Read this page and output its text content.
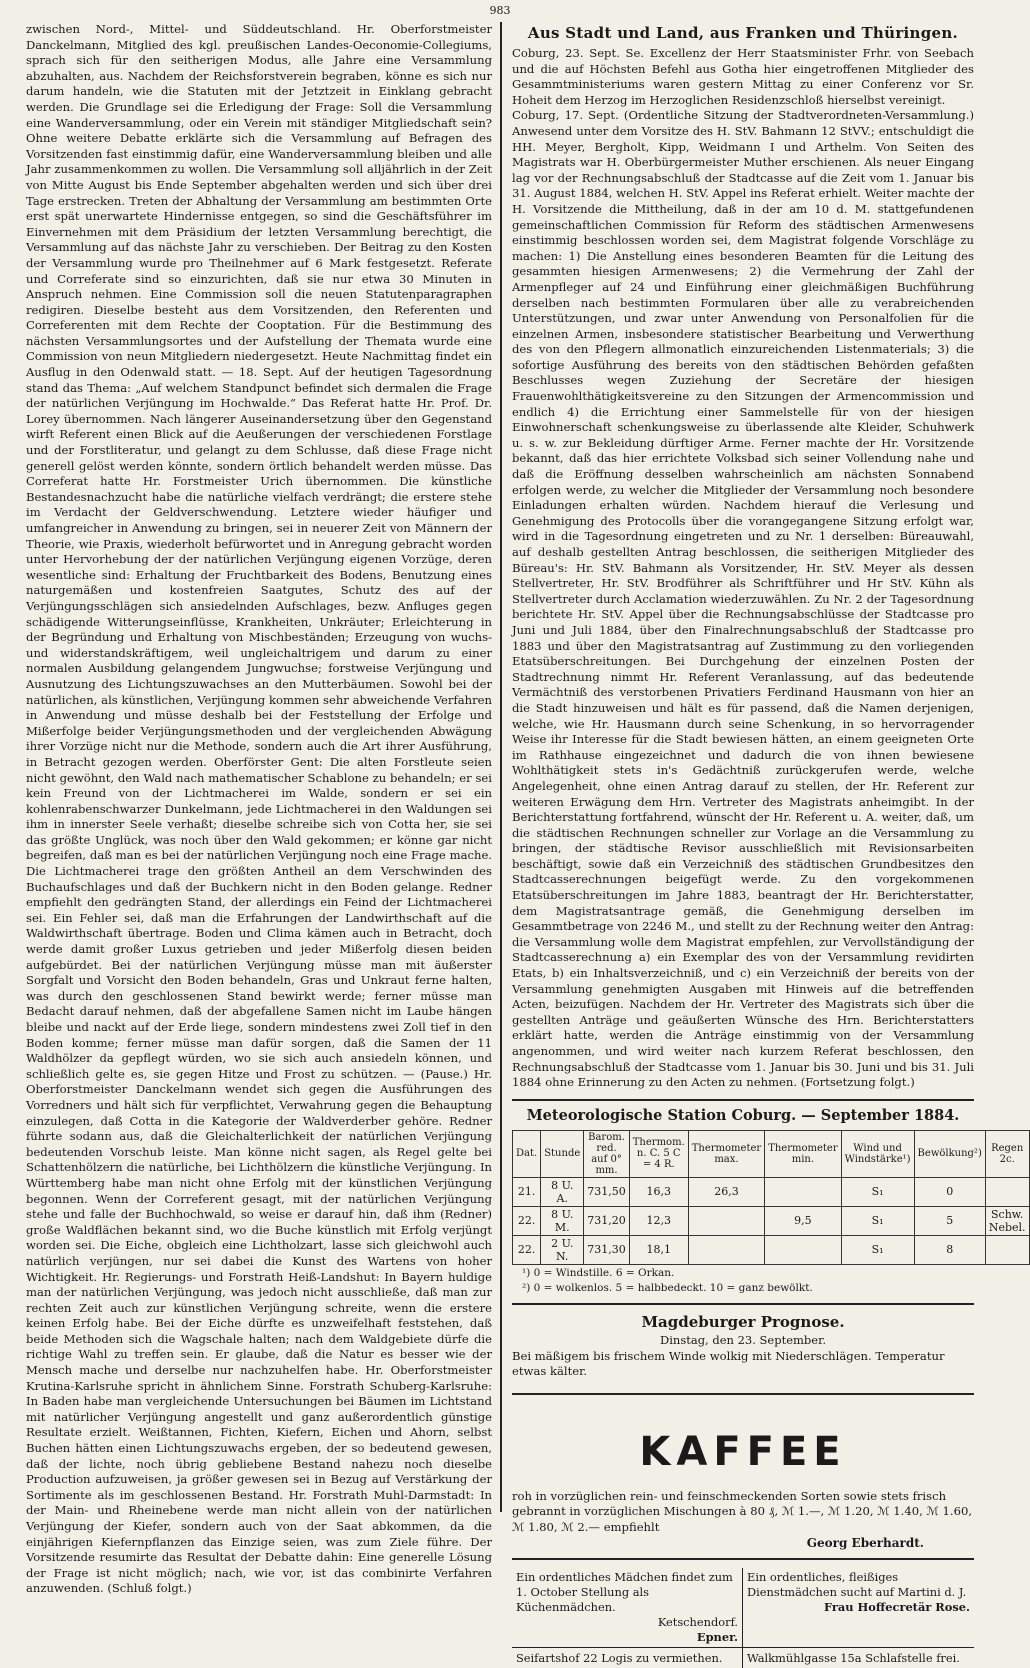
983

zwischen Nord-, Mittel- und Süddeutschland. Hr. Oberforstmeister Danckelmann, Mitglied des kgl. preußischen Landes-Oeconomie-Collegiums, sprach sich für den seitherigen Modus, alle Jahre eine Versammlung abzuhalten, aus. Nachdem der Reichsforstverein begraben, könne es sich nur darum handeln, wie die Statuten mit der Jetztzeit in Einklang gebracht werden. Die Grundlage sei die Erledigung der Frage: Soll die Versammlung eine Wanderversammlung, oder ein Verein mit ständiger Mitgliedschaft sein? Ohne weitere Debatte erklärte sich die Versammlung auf Befragen des Vorsitzenden fast einstimmig dafür, eine Wanderversammlung bleiben und alle Jahr zusammenkommen zu wollen. Die Versammlung soll alljährlich in der Zeit von Mitte August bis Ende September abgehalten werden und sich über drei Tage erstrecken. Treten der Abhaltung der Versammlung am bestimmten Orte erst spät unerwartete Hindernisse entgegen, so sind die Geschäftsführer im Einvernehmen mit dem Präsidium der letzten Versammlung berechtigt, die Versammlung auf das nächste Jahr zu verschieben. Der Beitrag zu den Kosten der Versammlung wurde pro Theilnehmer auf 6 Mark festgesetzt. Referate und Correferate sind so einzurichten, daß sie nur etwa 30 Minuten in Anspruch nehmen. Eine Commission soll die neuen Statutenparagraphen redigiren. Dieselbe besteht aus dem Vorsitzenden, den Referenten und Correferenten mit dem Rechte der Cooptation. Für die Bestimmung des nächsten Versammlungsortes und der Aufstellung der Themata wurde eine Commission von neun Mitgliedern niedergesetzt. Heute Nachmittag findet ein Ausflug in den Odenwald statt. — 18. Sept. Auf der heutigen Tagesordnung stand das Thema: „Auf welchem Standpunct befindet sich dermalen die Frage der natürlichen Verjüngung im Hochwalde.“ Das Referat hatte Hr. Prof. Dr. Lorey übernommen. Nach längerer Auseinandersetzung über den Gegenstand wirft Referent einen Blick auf die Aeußerungen der verschiedenen Forstlage und der Forstliteratur, und gelangt zu dem Schlusse, daß diese Frage nicht generell gelöst werden könnte, sondern örtlich behandelt werden müsse. Das Correferat hatte Hr. Forstmeister Urich übernommen. Die künstliche Bestandesnachzucht habe die natürliche vielfach verdrängt; die erstere stehe im Verdacht der Geldverschwendung. Letztere wieder häufiger und umfangreicher in Anwendung zu bringen, sei in neuerer Zeit von Männern der Theorie, wie Praxis, wiederholt befürwortet und in Anregung gebracht worden unter Hervorhebung der der natürlichen Verjüngung eigenen Vorzüge, deren wesentliche sind: Erhaltung der Fruchtbarkeit des Bodens, Benutzung eines naturgemäßen und kostenfreien Saatgutes, Schutz des auf der Verjüngungsschlägen sich ansiedelnden Aufschlages, bezw. Anfluges gegen schädigende Witterungseinflüsse, Krankheiten, Unkräuter; Erleichterung in der Begründung und Erhaltung von Mischbeständen; Erzeugung von wuchs- und widerstandskräftigem, weil ungleichaltrigem und darum zu einer normalen Ausbildung gelangendem Jungwuchse; forstweise Verjüngung und Ausnutzung des Lichtungszuwachses an den Mutterbäumen. Sowohl bei der natürlichen, als künstlichen, Verjüngung kommen sehr abweichende Verfahren in Anwendung und müsse deshalb bei der Feststellung der Erfolge und Mißerfolge beider Verjüngungsmethoden und der vergleichenden Abwägung ihrer Vorzüge nicht nur die Methode, sondern auch die Art ihrer Ausführung, in Betracht gezogen werden. Oberförster Gent: Die alten Forstleute seien nicht gewöhnt, den Wald nach mathematischer Schablone zu behandeln; er sei kein Freund von der Lichtmacherei im Walde, sondern er sei ein kohlenrabenschwarzer Dunkelmann, jede Lichtmacherei in den Waldungen sei ihm in innerster Seele verhaßt; dieselbe schreibe sich von Cotta her, sie sei das größte Unglück, was noch über den Wald gekommen; er könne gar nicht begreifen, daß man es bei der natürlichen Verjüngung noch eine Frage mache. Die Lichtmacherei trage den größten Antheil an dem Verschwinden des Buchaufschlages und daß der Buchkern nicht in den Boden gelange. Redner empfiehlt den gedrängten Stand, der allerdings ein Feind der Lichtmacherei sei. Ein Fehler sei, daß man die Erfahrungen der Landwirthschaft auf die Waldwirthschaft übertrage. Boden und Clima kämen auch in Betracht, doch werde damit großer Luxus getrieben und jeder Mißerfolg diesen beiden aufgebürdet. Bei der natürlichen Verjüngung müsse man mit äußerster Sorgfalt und Vorsicht den Boden behandeln, Gras und Unkraut ferne halten, was durch den geschlossenen Stand bewirkt werde; ferner müsse man Bedacht darauf nehmen, daß der abgefallene Samen nicht im Laube hängen bleibe und nackt auf der Erde liege, sondern mindestens zwei Zoll tief in den Boden komme; ferner müsse man dafür sorgen, daß die Samen der 11 Waldhölzer da gepflegt würden, wo sie sich auch ansiedeln können, und schließlich gelte es, sie gegen Hitze und Frost zu schützen. — (Pause.) Hr. Oberforstmeister Danckelmann wendet sich gegen die Ausführungen des Vorredners und hält sich für verpflichtet, Verwahrung gegen die Behauptung einzulegen, daß Cotta in die Kategorie der Waldverderber gehöre. Redner führte sodann aus, daß die Gleichalterlichkeit der natürlichen Verjüngung bedeutenden Vorschub leiste. Man könne nicht sagen, als Regel gelte bei Schattenhölzern die natürliche, bei Lichthölzern die künstliche Verjüngung. In Württemberg habe man nicht ohne Erfolg mit der künstlichen Verjüngung begonnen. Wenn der Correferent gesagt, mit der natürlichen Verjüngung stehe und falle der Buchhochwald, so weise er darauf hin, daß ihm (Redner) große Waldflächen bekannt sind, wo die Buche künstlich mit Erfolg verjüngt worden sei. Die Eiche, obgleich eine Lichtholzart, lasse sich gleichwohl auch natürlich verjüngen, nur sei dabei die Kunst des Wartens von hoher Wichtigkeit. Hr. Regierungs- und Forstrath Heiß-Landshut: In Bayern huldige man der natürlichen Verjüngung, was jedoch nicht ausschließe, daß man zur rechten Zeit auch zur künstlichen Verjüngung schreite, wenn die erstere keinen Erfolg habe. Bei der Eiche dürfte es unzweifelhaft feststehen, daß beide Methoden sich die Wagschale halten; nach dem Waldgebiete dürfe die richtige Wahl zu treffen sein. Er glaube, daß die Natur es besser wie der Mensch mache und derselbe nur nachzuhelfen habe. Hr. Oberforstmeister Krutina-Karlsruhe spricht in ähnlichem Sinne. Forstrath Schuberg-Karlsruhe: In Baden habe man vergleichende Untersuchungen bei Bäumen im Lichtstand mit natürlicher Verjüngung angestellt und ganz außerordentlich günstige Resultate erzielt. Weißtannen, Fichten, Kiefern, Eichen und Ahorn, selbst Buchen hätten einen Lichtungszuwachs ergeben, der so bedeutend gewesen, daß der lichte, noch übrig gebliebene Bestand nahezu noch dieselbe Production aufzuweisen, ja größer gewesen sei in Bezug auf Verstärkung der Sortimente als im geschlossenen Bestand. Hr. Forstrath Muhl-Darmstadt: In der Main- und Rheinebene werde man nicht allein von der natürlichen Verjüngung der Kiefer, sondern auch von der Saat abkommen, da die einjährigen Kiefernpflanzen das Einzige seien, was zum Ziele führe. Der Vorsitzende resumirte das Resultat der Debatte dahin: Eine generelle Lösung der Frage ist nicht möglich; nach, wie vor, ist das combinirte Verfahren anzuwenden. (Schluß folgt.)

Aus Stadt und Land, aus Franken und Thüringen.

Coburg, 23. Sept. Se. Excellenz der Herr Staatsminister Frhr. von Seebach und die auf Höchsten Befehl aus Gotha hier eingetroffenen Mitglieder des Gesammtministeriums waren gestern Mittag zu einer Conferenz vor Sr. Hoheit dem Herzog im Herzoglichen Residenzschloß hierselbst vereinigt.

Coburg, 17. Sept. (Ordentliche Sitzung der Stadtverordneten-Versammlung.) Anwesend unter dem Vorsitze des H. StV. Bahmann 12 StVV.; entschuldigt die HH. Meyer, Bergholt, Kipp, Weidmann I und Arthelm. Von Seiten des Magistrats war H. Oberbürgermeister Muther erschienen. Als neuer Eingang lag vor der Rechnungsabschluß der Stadtcasse auf die Zeit vom 1. Januar bis 31. August 1884, welchen H. StV. Appel ins Referat erhielt. Weiter machte der H. Vorsitzende die Mittheilung, daß in der am 10 d. M. stattgefundenen gemeinschaftlichen Commission für Reform des städtischen Armenwesens einstimmig beschlossen worden sei, dem Magistrat folgende Vorschläge zu machen: 1) Die Anstellung eines besonderen Beamten für die Leitung des gesammten hiesigen Armenwesens; 2) die Vermehrung der Zahl der Armenpfleger auf 24 und Einführung einer gleichmäßigen Buchführung derselben nach bestimmten Formularen über alle zu verabreichenden Unterstützungen, und zwar unter Anwendung von Personalfolien für die einzelnen Armen, insbesondere statistischer Bearbeitung und Verwerthung des von den Pflegern allmonatlich einzureichenden Listenmaterials; 3) die sofortige Ausführung des bereits von den städtischen Behörden gefaßten Beschlusses wegen Zuziehung der Secretäre der hiesigen Frauenwohlthätigkeitsvereine zu den Sitzungen der Armencommission und endlich 4) die Errichtung einer Sammelstelle für von der hiesigen Einwohnerschaft schenkungsweise zu überlassende alte Kleider, Schuhwerk u. s. w. zur Bekleidung dürftiger Arme. Ferner machte der Hr. Vorsitzende bekannt, daß das hier errichtete Volksbad sich seiner Vollendung nahe und daß die Eröffnung desselben wahrscheinlich am nächsten Sonnabend erfolgen werde, zu welcher die Mitglieder der Versammlung noch besondere Einladungen erhalten würden. Nachdem hierauf die Verlesung und Genehmigung des Protocolls über die vorangegangene Sitzung erfolgt war, wird in die Tagesordnung eingetreten und zu Nr. 1 derselben: Büreauwahl, auf deshalb gestellten Antrag beschlossen, die seitherigen Mitglieder des Büreau's: Hr. StV. Bahmann als Vorsitzender, Hr. StV. Meyer als dessen Stellvertreter, Hr. StV. Brodführer als Schriftführer und Hr StV. Kühn als Stellvertreter durch Acclamation wiederzuwählen. Zu Nr. 2 der Tagesordnung berichtete Hr. StV. Appel über die Rechnungsabschlüsse der Stadtcasse pro Juni und Juli 1884, über den Finalrechnungsabschluß der Stadtcasse pro 1883 und über den Magistratsantrag auf Zustimmung zu den vorliegenden Etatsüberschreitungen. Bei Durchgehung der einzelnen Posten der Stadtrechnung nimmt Hr. Referent Veranlassung, auf das bedeutende Vermächtniß des verstorbenen Privatiers Ferdinand Hausmann von hier an die Stadt hinzuweisen und hält es für passend, daß die Namen derjenigen, welche, wie Hr. Hausmann durch seine Schenkung, in so hervorragender Weise ihr Interesse für die Stadt bewiesen hätten, an einem geeigneten Orte im Rathhause eingezeichnet und dadurch die von ihnen bewiesene Wohlthätigkeit stets in's Gedächtniß zurückgerufen werde, welche Angelegenheit, ohne einen Antrag darauf zu stellen, der Hr. Referent zur weiteren Erwägung dem Hrn. Vertreter des Magistrats anheimgibt. In der Berichterstattung fortfahrend, wünscht der Hr. Referent u. A. weiter, daß, um die städtischen Rechnungen schneller zur Vorlage an die Versammlung zu bringen, der städtische Revisor ausschließlich mit Revisionsarbeiten beschäftigt, sowie daß ein Verzeichniß des städtischen Grundbesitzes den Stadtcasserechnungen beigefügt werde. Zu den vorgekommenen Etatsüberschreitungen im Jahre 1883, beantragt der Hr. Berichterstatter, dem Magistratsantrage gemäß, die Genehmigung derselben im Gesammtbetrage von 2246 M., und stellt zu der Rechnung weiter den Antrag: die Versammlung wolle dem Magistrat empfehlen, zur Vervollständigung der Stadtcasserechnung a) ein Exemplar des von der Versammlung revidirten Etats, b) ein Inhaltsverzeichniß, und c) ein Verzeichniß der bereits von der Versammlung genehmigten Ausgaben mit Hinweis auf die betreffenden Acten, beizufügen. Nachdem der Hr. Vertreter des Magistrats sich über die gestellten Anträge und geäußerten Wünsche des Hrn. Berichterstatters erklärt hatte, werden die Anträge einstimmig von der Versammlung angenommen, und wird weiter nach kurzem Referat beschlossen, den Rechnungsabschluß der Stadtcasse vom 1. Januar bis 30. Juni und bis 31. Juli 1884 ohne Erinnerung zu den Acten zu nehmen. (Fortsetzung folgt.)

Meteorologische Station Coburg. — September 1884.
Dat.	Stunde	Barom. red. auf 0° mm.	Thermom. n. C. 5 C = 4 R.	Thermometer max.	Thermometer min.	Wind und Windstärke¹)	Bewölkung²)	Regen 2c.
21.	8 U. A.	731,50	16,3	26,3		S₁	0	
22.	8 U. M.	731,20	12,3		9,5	S₁	5	Schw. Nebel.
22.	2 U. N.	731,30	18,1			S₁	8	
¹) 0 = Windstille. 6 = Orkan.
²) 0 = wolkenlos. 5 = halbbedeckt. 10 = ganz bewölkt.
Magdeburger Prognose.
Dinstag, den 23. September.

Bei mäßigem bis frischem Winde wolkig mit Niederschlägen. Temperatur etwas kälter.

KAFFEE

roh in vorzüglichen rein- und feinschmeckenden Sorten sowie stets frisch gebrannt in vorzüglichen Mischungen à 80 ₰, ℳ 1.—, ℳ 1.20, ℳ 1.40, ℳ 1.60, ℳ 1.80, ℳ 2.— empfiehlt

Georg Eberhardt.
Ein ordentliches Mädchen findet zum 1. October Stellung als Küchenmädchen.
Ketschendorf.
Epner.
Ein ordentliches, fleißiges Dienstmädchen sucht auf Martini d. J.
Frau Hoffecretär Rose.
Seifartshof 22 Logis zu vermiethen.	Walkmühlgasse 15a Schlafstelle frei.
